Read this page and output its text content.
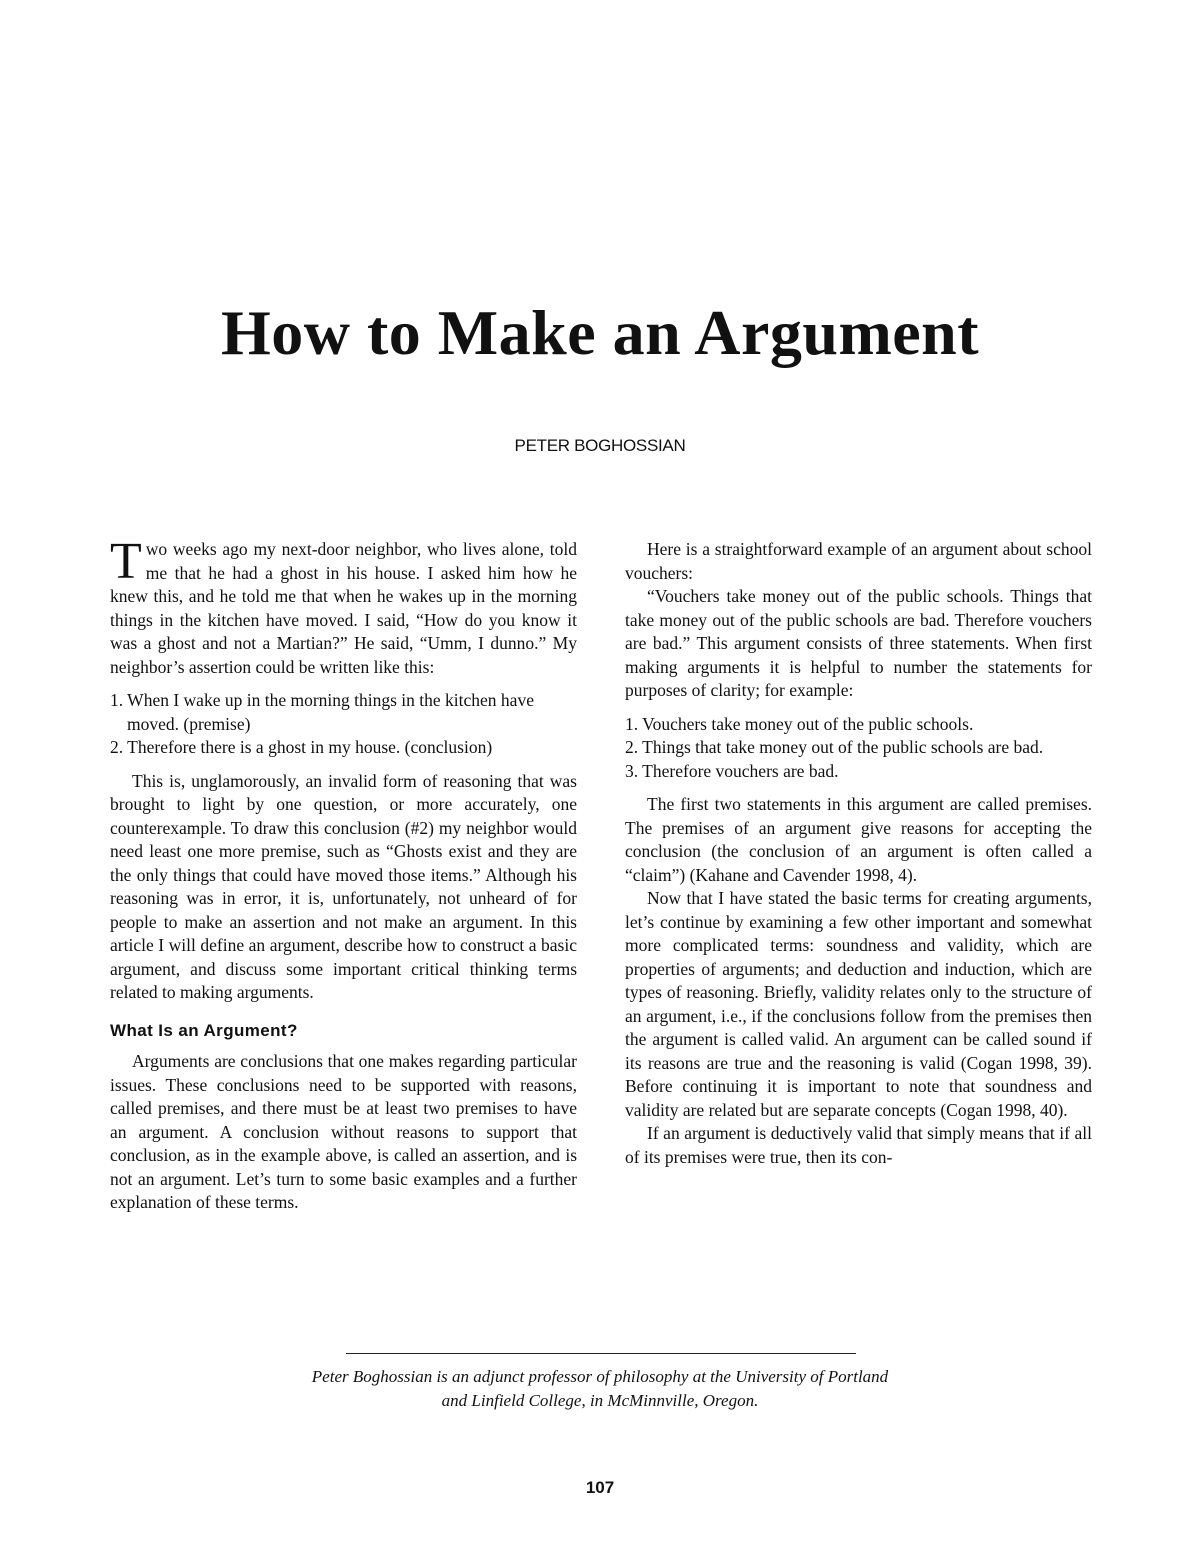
How to Make an Argument
PETER BOGHOSSIAN

Two weeks ago my next-door neighbor, who lives alone, told me that he had a ghost in his house. I asked him how he knew this, and he told me that when he wakes up in the morning things in the kitchen have moved. I said, “How do you know it was a ghost and not a Martian?” He said, “Umm, I dunno.” My neighbor’s assertion could be written like this:

1. When I wake up in the morning things in the kitchen have moved. (premise)
2. Therefore there is a ghost in my house. (conclusion)

This is, unglamorously, an invalid form of reasoning that was brought to light by one question, or more accurately, one counterexample. To draw this conclusion (#2) my neighbor would need least one more premise, such as “Ghosts exist and they are the only things that could have moved those items.” Although his reasoning was in error, it is, unfortunately, not unheard of for people to make an assertion and not make an argument. In this article I will define an argument, describe how to construct a basic argument, and discuss some important critical thinking terms related to making arguments.

What Is an Argument?

Arguments are conclusions that one makes regarding particular issues. These conclusions need to be supported with reasons, called premises, and there must be at least two premises to have an argument. A conclusion without reasons to support that conclusion, as in the example above, is called an assertion, and is not an argument. Let’s turn to some basic examples and a further explanation of these terms.

Here is a straightforward example of an argument about school vouchers:

“Vouchers take money out of the public schools. Things that take money out of the public schools are bad. Therefore vouchers are bad.” This argument consists of three statements. When first making arguments it is helpful to number the statements for purposes of clarity; for example:

1. Vouchers take money out of the public schools.
2. Things that take money out of the public schools are bad.
3. Therefore vouchers are bad.

The first two statements in this argument are called premises. The premises of an argument give reasons for accepting the conclusion (the conclusion of an argument is often called a “claim”) (Kahane and Cavender 1998, 4).

Now that I have stated the basic terms for creating arguments, let’s continue by examining a few other important and somewhat more complicated terms: soundness and validity, which are properties of arguments; and deduction and induction, which are types of reasoning. Briefly, validity relates only to the structure of an argument, i.e., if the conclusions follow from the premises then the argument is called valid. An argument can be called sound if its reasons are true and the reasoning is valid (Cogan 1998, 39). Before continuing it is important to note that soundness and validity are related but are separate concepts (Cogan 1998, 40).

If an argument is deductively valid that simply means that if all of its premises were true, then its con-

Peter Boghossian is an adjunct professor of philosophy at the University of Portland
and Linfield College, in McMinnville, Oregon.
107
